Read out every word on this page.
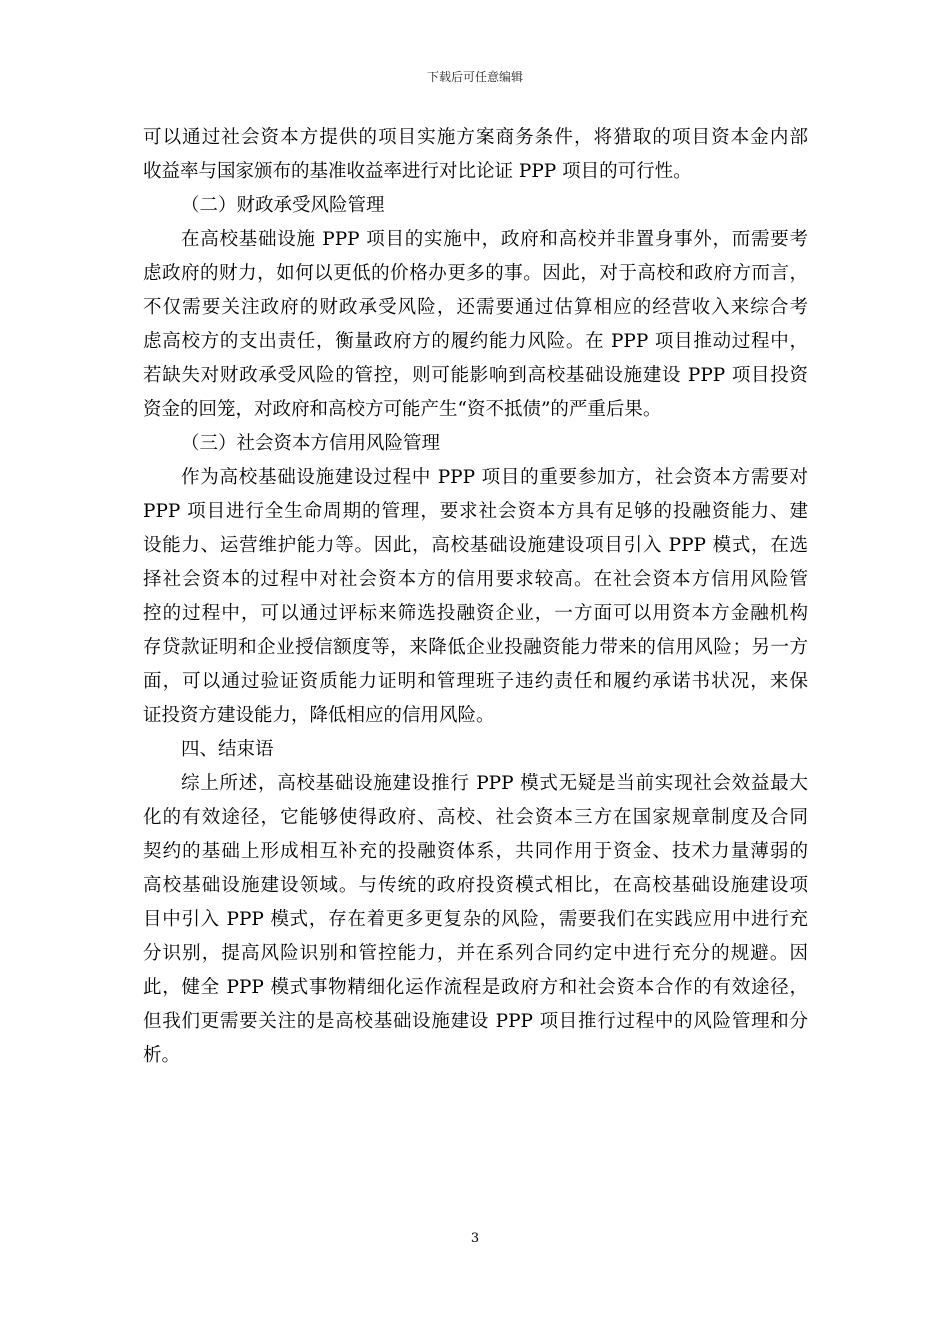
下载后可任意编辑
可以通过社会资本方提供的项目实施方案商务条件，将猎取的项目资本金内部
收益率与国家颁布的基准收益率进行对比论证 PPP 项目的可行性。
（二）财政承受风险管理
在高校基础设施 PPP 项目的实施中，政府和高校并非置身事外，而需要考
虑政府的财力，如何以更低的价格办更多的事。因此，对于高校和政府方而言，
不仅需要关注政府的财政承受风险，还需要通过估算相应的经营收入来综合考
虑高校方的支出责任，衡量政府方的履约能力风险。在 PPP 项目推动过程中，
若缺失对财政承受风险的管控，则可能影响到高校基础设施建设 PPP 项目投资
资金的回笼，对政府和高校方可能产生“资不抵债”的严重后果。
（三）社会资本方信用风险管理
作为高校基础设施建设过程中 PPP 项目的重要参加方，社会资本方需要对
PPP 项目进行全生命周期的管理，要求社会资本方具有足够的投融资能力、建
设能力、运营维护能力等。因此，高校基础设施建设项目引入 PPP 模式，在选
择社会资本的过程中对社会资本方的信用要求较高。在社会资本方信用风险管
控的过程中，可以通过评标来筛选投融资企业，一方面可以用资本方金融机构
存贷款证明和企业授信额度等，来降低企业投融资能力带来的信用风险；另一方
面，可以通过验证资质能力证明和管理班子违约责任和履约承诺书状况，来保
证投资方建设能力，降低相应的信用风险。
四、结束语
综上所述，高校基础设施建设推行 PPP 模式无疑是当前实现社会效益最大
化的有效途径，它能够使得政府、高校、社会资本三方在国家规章制度及合同
契约的基础上形成相互补充的投融资体系，共同作用于资金、技术力量薄弱的
高校基础设施建设领域。与传统的政府投资模式相比，在高校基础设施建设项
目中引入 PPP 模式，存在着更多更复杂的风险，需要我们在实践应用中进行充
分识别，提高风险识别和管控能力，并在系列合同约定中进行充分的规避。因
此，健全 PPP 模式事物精细化运作流程是政府方和社会资本合作的有效途径，
但我们更需要关注的是高校基础设施建设 PPP 项目推行过程中的风险管理和分
析。
3
